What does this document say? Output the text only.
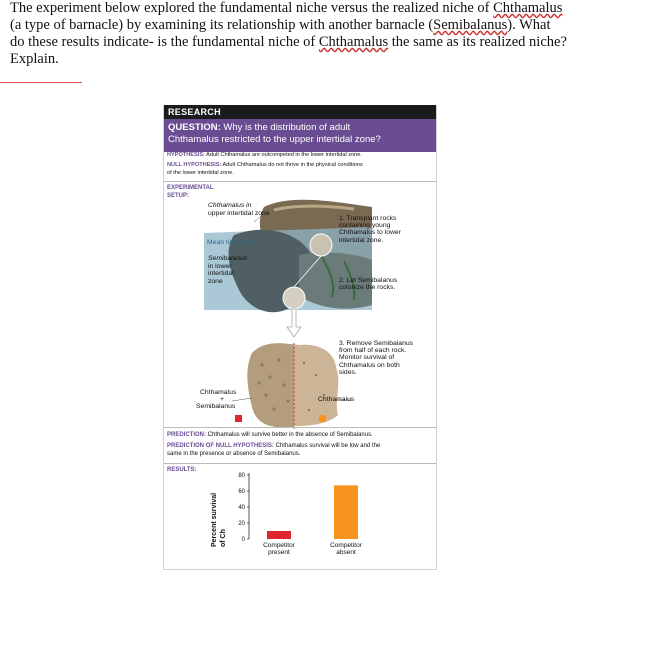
The experiment below explored the fundamental niche versus the realized niche of Chthamalus
(a type of barnacle) by examining its relationship with another barnacle (Semibalanus). What
do these results indicate- is the fundamental niche of Chthamalus the same as its realized niche?
Explain.
RESEARCH
QUESTION: Why is the distribution of adult
Chthamalus restricted to the upper intertidal zone?
HYPOTHESIS: Adult Chthamalus are outcompeted in the lower intertidal zone.
NULL HYPOTHESIS: Adult Chthamalus do not thrive in the physical conditions
of the lower intertidal zone.
EXPERIMENTAL
SETUP:
Chthamalus in
upper intertidal zone
Mean tide level
Semibalanus
in lower
intertidal
zone
1. Transplant rocks
containing young
Chthamalus to lower
intertidal zone.
2. Let Semibalanus
colonize the rocks.
3. Remove Semibalanus
from half of each rock.
Monitor survival of
Chthamalus on both
sides.
Chthamalus
+
Semibalanus
Chthamalus
PREDICTION: Chthamalus will survive better in the absence of Semibalanus.
PREDICTION OF NULL HYPOTHESIS: Chthamalus survival will be low and the
same in the presence or absence of Semibalanus.
RESULTS:
Percent survival of Ch 0
20
40
60
80
Competitor
present
Competitor
absent
